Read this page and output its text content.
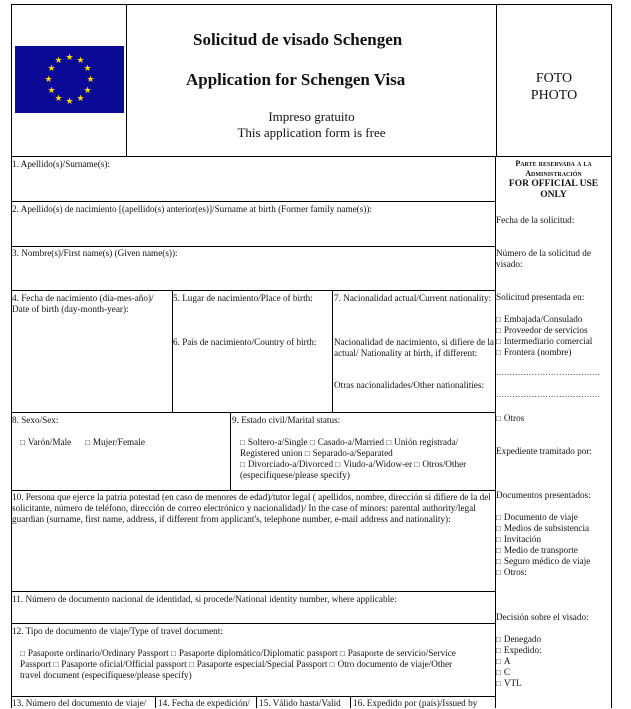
★ ★
★
★
★
★
★
★
★
★
★
★
Solicitud de visado Schengen
Application for Schengen Visa
Impreso gratuito
This application form is free
FOTO
PHOTO
1. Apellido(s)/Surname(s):
2. Apellido(s) de nacimiento [(apellido(s) anterior(es)]/Surname at birth (Former family name(s)):
3. Nombre(s)/First name(s) (Given name(s)):
4. Fecha de nacimiento (día-mes-año)/ Date of birth (day-month-year):
5. Lugar de nacimiento/Place of birth:
6. País de nacimiento/Country of birth:
7. Nacionalidad actual/Current nationality:
Nacionalidad de nacimiento, si difiere de la actual/ Nationality at birth, if different:
Otras nacionalidades/Other nationalities:
8. Sexo/Sex:
□ Varón/Male	□ Mujer/Female
9. Estado civil/Marital status:
□ Soltero-a/Single □ Casado-a/Married □ Unión registrada/
Registered union □ Separado-a/Separated
□ Divorciado-a/Divorced □ Viudo-a/Widow-er □ Otros/Other
(especifíquese/please specify)
10. Persona que ejerce la patria potestad (en caso de menores de edad)/tutor legal ( apellidos, nombre, dirección si difiere de la del solicitante, número de teléfono, dirección de correo electrónico y nacionalidad)/ In the case of minors: parental authority/legal guardian (surname, first name, address, if different from applicant's, telephone number, e-mail address and nationality):
11. Número de documento nacional de identidad, si procede/National identity number, where applicable:
12. Tipo de documento de viaje/Type of travel document:
□ Pasaporte ordinario/Ordinary Passport □ Pasaporte diplomático/Diplomatic passport □ Pasaporte de servicio/Service
Passport □ Pasaporte oficial/Official passport □ Pasaporte especial/Special Passport □ Otro documento de viaje/Other
travel document (especifíquese/please specify)
13. Número del documento de viaje/ 14. Fecha de expedición/ 15. Válido hasta/Valid 16. Expedido por (país)/Issued by
Parte reservada a la
Administración
FOR OFFICIAL USE
ONLY
Fecha de la solicitud:
Número de la solicitud de
visado:
Solicitud presentada en:
□ Embajada/Consulado
□ Proveedor de servicios
□ Intermediario comercial
□ Frontera (nombre)
......................................
......................................
□ Otros
Expediente tramitado por:
Documentos presentados:
□ Documento de viaje
□ Medios de subsistencia
□ Invitación
□ Medio de transporte
□ Seguro médico de viaje
□ Otros:
Decisión sobre el visado:
□ Denegado
□ Expedido:
□ A
□ C
□ VTL
